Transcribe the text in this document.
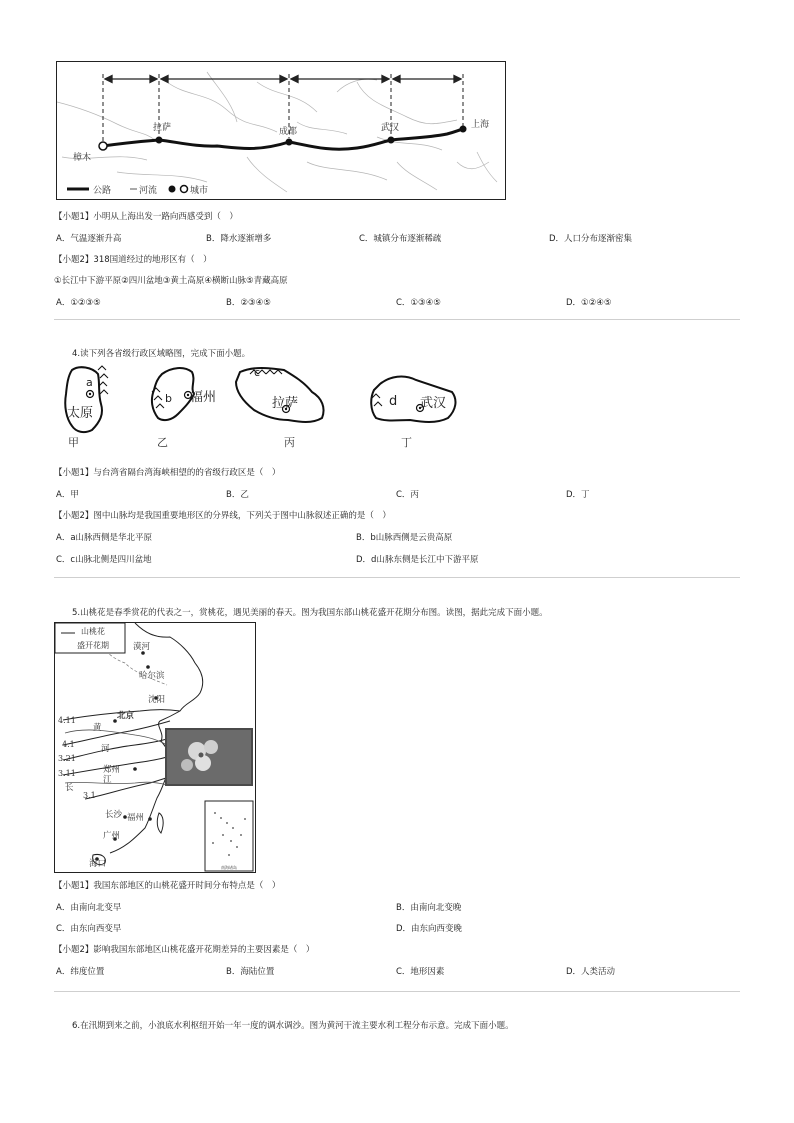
拉萨	成都	武汉	上海
樟木
公路	河流	城市
【小题1】小明从上海出发一路向西感受到（　）
A．气温逐渐升高	B．降水逐渐增多	C．城镇分布逐渐稀疏	D．人口分布逐渐密集
【小题2】318国道经过的地形区有（　）
①长江中下游平原②四川盆地③黄土高原④横断山脉⑤青藏高原
A．①②③⑤	B．②③④⑤	C．①③④⑤	D．①②④⑤
4.读下列各省级行政区域略图，完成下面小题。
a
太原
甲
b 福州
乙
c
拉萨
丙
d 武汉
丁
【小题1】与台湾省隔台湾海峡相望的的省级行政区是（　）
A．甲	B．乙	C．丙	D．丁
【小题2】图中山脉均是我国重要地形区的分界线，下列关于图中山脉叙述正确的是（　）
A．a山脉西侧是华北平原	B．b山脉西侧是云贵高原
C．c山脉北侧是四川盆地	D．d山脉东侧是长江中下游平原
5.山桃花是春季赏花的代表之一，赏桃花，遇见美丽的春天。图为我国东部山桃花盛开花期分布图。读图，据此完成下面小题。
山桃花
盛开花期	漠河
哈尔滨
沈阳
北京
郑州
长沙 福州
广州
海口
黄
河
长
江
4.11
4.1
3.21
3.11
3.1
南海诸岛
【小题1】我国东部地区的山桃花盛开时间分布特点是（　）
A．由南向北变早	B．由南向北变晚
C．由东向西变早	D．由东向西变晚
【小题2】影响我国东部地区山桃花盛开花期差异的主要因素是（　）
A．纬度位置	B．海陆位置	C．地形因素	D．人类活动
6.在汛期到来之前，小浪底水利枢纽开始一年一度的调水调沙。图为黄河干流主要水利工程分布示意。完成下面小题。
